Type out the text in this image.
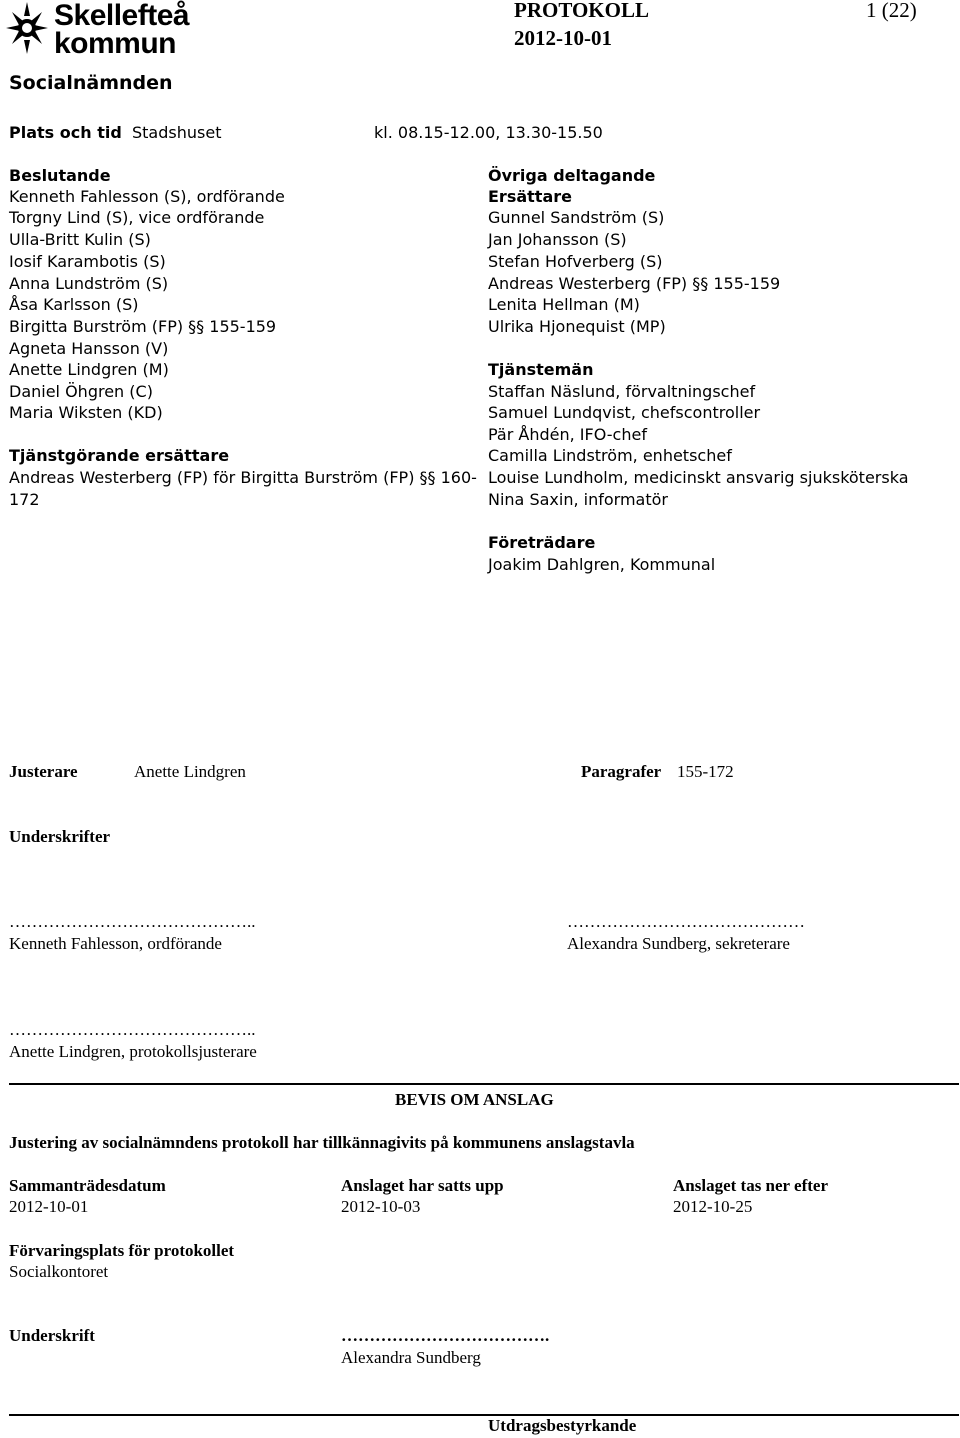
Skellefteå
kommun
PROTOKOLL	1 (22)
2012-10-01
Socialnämnden
Plats och tid Stadshuset	kl. 08.15-12.00, 13.30-15.50
Beslutande
Kenneth Fahlesson (S), ordförande
Torgny Lind (S), vice ordförande
Ulla-Britt Kulin (S)
Iosif Karambotis (S)
Anna Lundström (S)
Åsa Karlsson (S)
Birgitta Burström (FP) §§ 155-159
Agneta Hansson (V)
Anette Lindgren (M)
Daniel Öhgren (C)
Maria Wiksten (KD)
Tjänstgörande ersättare
Andreas Westerberg (FP) för Birgitta Burström (FP) §§ 160-
172
Övriga deltagande
Ersättare
Gunnel Sandström (S)
Jan Johansson (S)
Stefan Hofverberg (S)
Andreas Westerberg (FP) §§ 155-159
Lenita Hellman (M)
Ulrika Hjonequist (MP)
Tjänstemän
Staffan Näslund, förvaltningschef
Samuel Lundqvist, chefscontroller
Pär Åhdén, IFO-chef
Camilla Lindström, enhetschef
Louise Lundholm, medicinskt ansvarig sjuksköterska
Nina Saxin, informatör
Företrädare
Joakim Dahlgren, Kommunal
Justerare	Anette Lindgren	Paragrafer 155-172
Underskrifter
……………………………………..
Kenneth Fahlesson, ordförande
……………………………………
Alexandra Sundberg, sekreterare
……………………………………..
Anette Lindgren, protokollsjusterare
BEVIS OM ANSLAG
Justering av socialnämndens protokoll har tillkännagivits på kommunens anslagstavla
Sammanträdesdatum
2012-10-01
Anslaget har satts upp
2012-10-03
Anslaget tas ner efter
2012-10-25
Förvaringsplats för protokollet
Socialkontoret
Underskrift	……………………………….
Alexandra Sundberg
Utdragsbestyrkande
